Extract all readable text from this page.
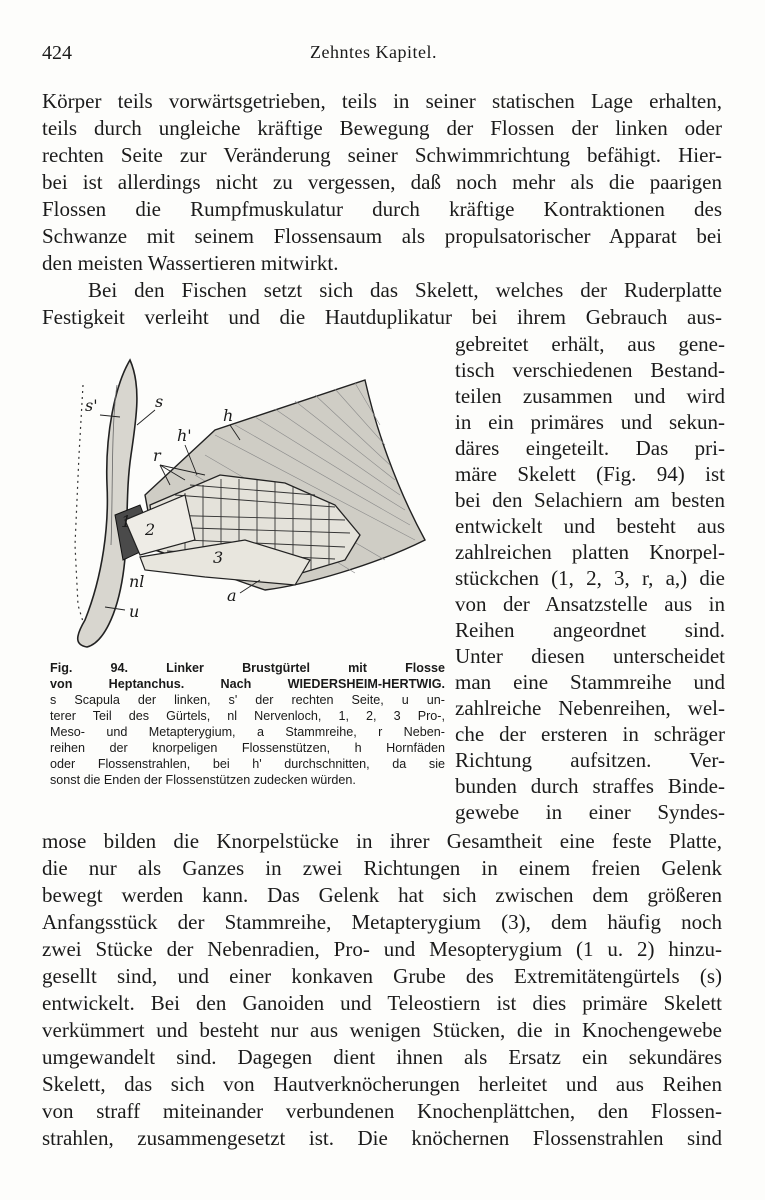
424	Zehntes Kapitel.
Körper teils vorwärtsgetrieben, teils in seiner statischen Lage erhalten,
teils durch ungleiche kräftige Bewegung der Flossen der linken oder
rechten Seite zur Veränderung seiner Schwimmrichtung befähigt. Hier-
bei ist allerdings nicht zu vergessen, daß noch mehr als die paarigen
Flossen die Rumpfmuskulatur durch kräftige Kontraktionen des
Schwanze mit seinem Flossensaum als propulsatorischer Apparat bei
den meisten Wassertieren mitwirkt.
Bei den Fischen setzt sich das Skelett, welches der Ruderplatte
Festigkeit verleiht und die Hautduplikatur bei ihrem Gebrauch aus-
gebreitet erhält, aus gene-
tisch verschiedenen Bestand-
teilen zusammen und wird
in ein primäres und sekun-
däres eingeteilt. Das pri-
märe Skelett (Fig. 94) ist
bei den Selachiern am besten
entwickelt und besteht aus
zahlreichen platten Knorpel-
stückchen (1, 2, 3, r, a,) die
von der Ansatzstelle aus in
Reihen angeordnet sind.
Unter diesen unterscheidet
man eine Stammreihe und
zahlreiche Nebenreihen, wel-
che der ersteren in schräger
Richtung aufsitzen. Ver-
bunden durch straffes Binde-
gewebe in einer Syndes-
s'	s
h
h'
r
1 2
3
nl
u
a
Fig. 94. Linker Brustgürtel mit Flosse
von Heptanchus. Nach WIEDERSHEIM-HERTWIG.
s Scapula der linken, s' der rechten Seite, u un-
terer Teil des Gürtels, nl Nervenloch, 1, 2, 3 Pro-,
Meso- und Metapterygium, a Stammreihe, r Neben-
reihen der knorpeligen Flossenstützen, h Hornfäden
oder Flossenstrahlen, bei h' durchschnitten, da sie
sonst die Enden der Flossenstützen zudecken würden.
mose bilden die Knorpelstücke in ihrer Gesamtheit eine feste Platte,
die nur als Ganzes in zwei Richtungen in einem freien Gelenk
bewegt werden kann. Das Gelenk hat sich zwischen dem größeren
Anfangsstück der Stammreihe, Metapterygium (3), dem häufig noch
zwei Stücke der Nebenradien, Pro- und Mesopterygium (1 u. 2) hinzu-
gesellt sind, und einer konkaven Grube des Extremitätengürtels (s)
entwickelt. Bei den Ganoiden und Teleostiern ist dies primäre Skelett
verkümmert und besteht nur aus wenigen Stücken, die in Knochengewebe
umgewandelt sind. Dagegen dient ihnen als Ersatz ein sekundäres
Skelett, das sich von Hautverknöcherungen herleitet und aus Reihen
von straff miteinander verbundenen Knochenplättchen, den Flossen-
strahlen, zusammengesetzt ist. Die knöchernen Flossenstrahlen sind
